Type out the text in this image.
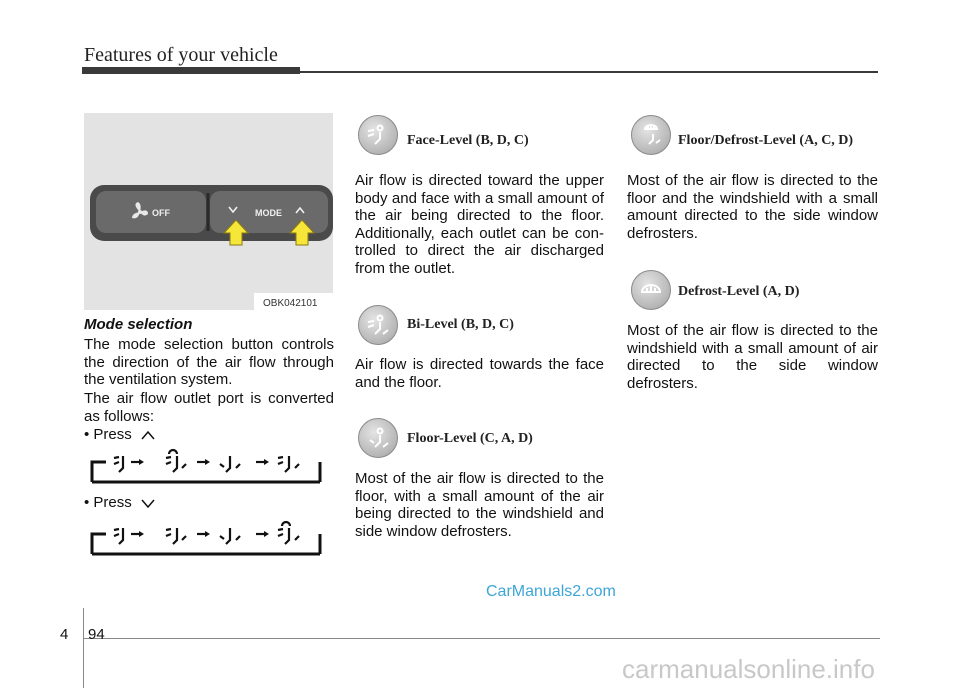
Features of your vehicle
OFF	MODE
OBK042101
Mode selection
The mode selection button controls the direction of the air flow through the ventilation system.
The air flow outlet port is converted as follows:
• Press
• Press
Face-Level (B, D, C)
Air flow is directed toward the upper body and face with a small amount of the air being directed to the floor. Additionally, each outlet can be con-trolled to direct the air discharged from the outlet.
Bi-Level (B, D, C)
Air flow is directed towards the face and the floor.
Floor-Level (C, A, D)
Most of the air flow is directed to the floor, with a small amount of the air being directed to the windshield and side window defrosters.
Floor/Defrost-Level (A, C, D)
Most of the air flow is directed to the floor and the windshield with a small amount directed to the side window defrosters.
Defrost-Level (A, D)
Most of the air flow is directed to the windshield with a small amount of air directed to the side window defrosters.
CarManuals2.com
4 94
carmanualsonline.info
